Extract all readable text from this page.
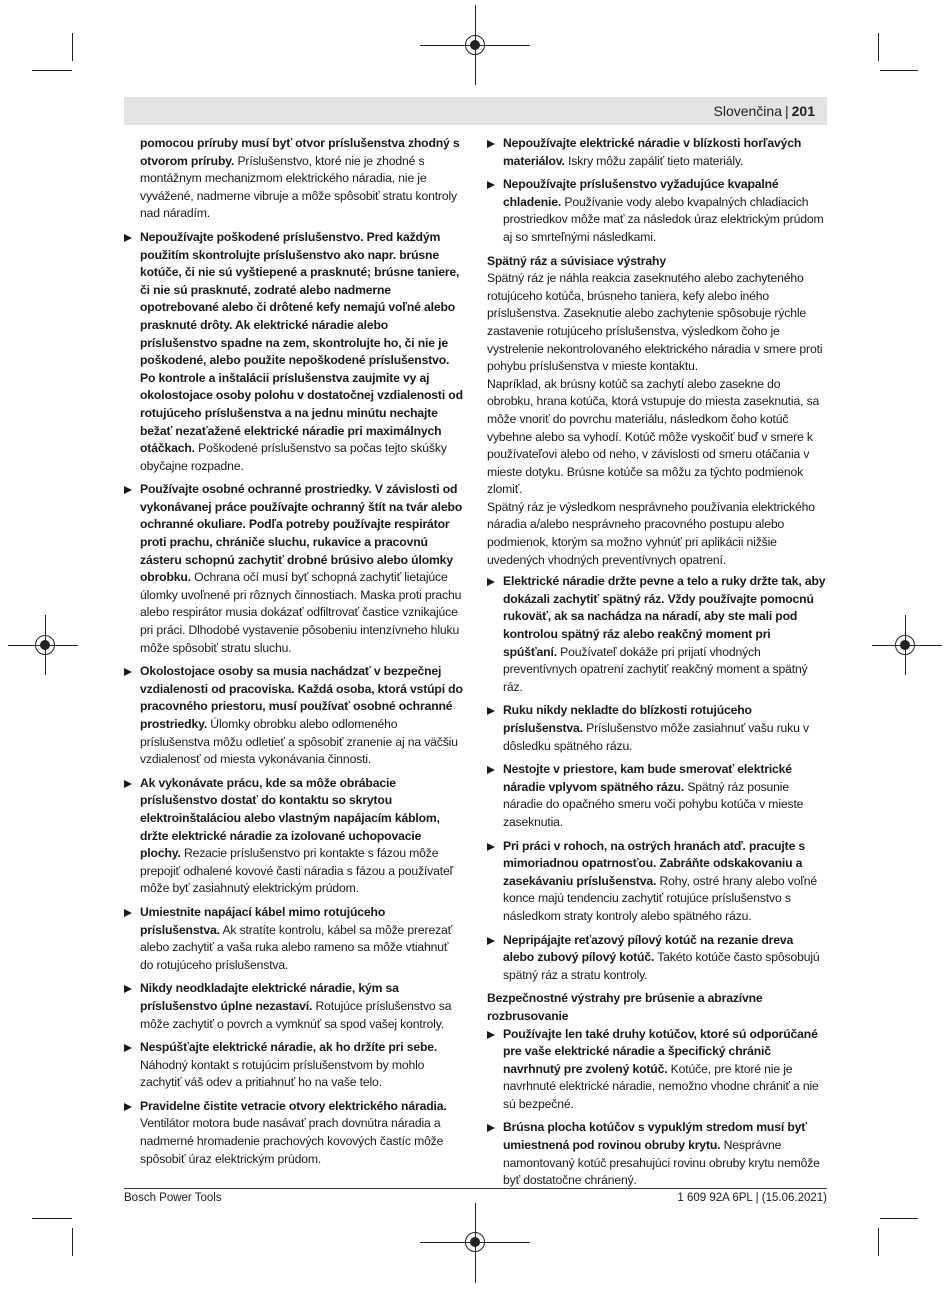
Slovenčina | 201
pomocou príruby musí byť otvor príslušenstva zhodný s otvorom príruby. Príslušenstvo, ktoré nie je zhodné s montážnym mechanizmom elektrického náradia, nie je vyvážené, nadmerne vibruje a môže spôsobiť stratu kontroly nad náradím.
Nepoužívajte poškodené príslušenstvo. Pred každým použitím skontrolujte príslušenstvo ako napr. brúsne kotúče, či nie sú vyštiepené a prasknuté; brúsne taniere, či nie sú prasknuté, zodraté alebo nadmerne opotrebované alebo či drôtené kefy nemajú voľné alebo prasknuté drôty. Ak elektrické náradie alebo príslušenstvo spadne na zem, skontrolujte ho, či nie je poškodené, alebo použite nepoškodené príslušenstvo. Po kontrole a inštalácii príslušenstva zaujmite vy aj okolostojace osoby polohu v dostatočnej vzdialenosti od rotujúceho príslušenstva a na jednu minútu nechajte bežať nezaťažené elektrické náradie pri maximálnych otáčkach. Poškodené príslušenstvo sa počas tejto skúšky obyčajne rozpadne.
Používajte osobné ochranné prostriedky. V závislosti od vykonávanej práce používajte ochranný štít na tvár alebo ochranné okuliare. Podľa potreby používajte respirátor proti prachu, chrániče sluchu, rukavice a pracovnú zásteru schopnú zachytiť drobné brúsivo alebo úlomky obrobku. Ochrana očí musí byť schopná zachytiť lietajúce úlomky uvoľnené pri rôznych činnostiach. Maska proti prachu alebo respirátor musia dokázať odfiltrovať častice vznikajúce pri práci. Dlhodobé vystavenie pôsobeniu intenzívneho hluku môže spôsobiť stratu sluchu.
Okolostojace osoby sa musia nachádzať v bezpečnej vzdialenosti od pracoviska. Každá osoba, ktorá vstúpi do pracovného priestoru, musí používať osobné ochranné prostriedky. Úlomky obrobku alebo odlomeného príslušenstva môžu odletieť a spôsobiť zranenie aj na väčšiu vzdialenosť od miesta vykonávania činnosti.
Ak vykonávate prácu, kde sa môže obrábacie príslušenstvo dostať do kontaktu so skrytou elektroinštaláciou alebo vlastným napájacím káblom, držte elektrické náradie za izolované uchopovacie plochy. Rezacie príslušenstvo pri kontakte s fázou môže prepojiť odhalené kovové časti náradia s fázou a používateľ môže byť zasiahnutý elektrickým prúdom.
Umiestnite napájací kábel mimo rotujúceho príslušenstva. Ak stratíte kontrolu, kábel sa môže prerezať alebo zachytiť a vaša ruka alebo rameno sa môže vtiahnuť do rotujúceho príslušenstva.
Nikdy neodkladajte elektrické náradie, kým sa príslušenstvo úplne nezastaví. Rotujúce príslušenstvo sa môže zachytiť o povrch a vymknúť sa spod vašej kontroly.
Nespúšťajte elektrické náradie, ak ho držíte pri sebe. Náhodný kontakt s rotujúcim príslušenstvom by mohlo zachytiť váš odev a pritiahnuť ho na vaše telo.
Pravidelne čistite vetracie otvory elektrického náradia. Ventilátor motora bude nasávať prach dovnútra náradia a nadmerné hromadenie prachových kovových častíc môže spôsobiť úraz elektrickým prúdom.
Nepoužívajte elektrické náradie v blízkosti horľavých materiálov. Iskry môžu zapáliť tieto materiály.
Nepoužívajte príslušenstvo vyžadujúce kvapalné chladenie. Používanie vody alebo kvapalných chladiacich prostriedkov môže mať za následok úraz elektrickým prúdom aj so smrteľnými následkami.

Spätný ráz a súvisiace výstrahy

Spätný ráz je náhla reakcia zaseknutého alebo zachyteného rotujúceho kotúča, brúsneho taniera, kefy alebo iného príslušenstva. Zaseknutie alebo zachytenie spôsobuje rýchle zastavenie rotujúceho príslušenstva, výsledkom čoho je vystrelenie nekontrolovaného elektrického náradia v smere proti pohybu príslušenstva v mieste kontaktu.

Napríklad, ak brúsny kotúč sa zachytí alebo zasekne do obrobku, hrana kotúča, ktorá vstupuje do miesta zaseknutia, sa môže vnoriť do povrchu materiálu, následkom čoho kotúč vybehne alebo sa vyhodí. Kotúč môže vyskočiť buď v smere k používateľovi alebo od neho, v závislosti od smeru otáčania v mieste dotyku. Brúsne kotúče sa môžu za týchto podmienok zlomiť.

Spätný ráz je výsledkom nesprávneho používania elektrického náradia a/alebo nesprávneho pracovného postupu alebo podmienok, ktorým sa možno vyhnúť pri aplikácii nižšie uvedených vhodných preventívnych opatrení.

Elektrické náradie držte pevne a telo a ruky držte tak, aby dokázali zachytiť spätný ráz. Vždy používajte pomocnú rukoväť, ak sa nachádza na náradí, aby ste mali pod kontrolou spätný ráz alebo reakčný moment pri spúšťaní. Používateľ dokáže pri prijatí vhodných preventívnych opatrení zachytiť reakčný moment a spätný ráz.
Ruku nikdy nekladte do blízkosti rotujúceho príslušenstva. Príslušenstvo môže zasiahnuť vašu ruku v dôsledku spätného rázu.
Nestojte v priestore, kam bude smerovať elektrické náradie vplyvom spätného rázu. Spätný ráz posunie náradie do opačného smeru voči pohybu kotúča v mieste zaseknutia.
Pri práci v rohoch, na ostrých hranách atď. pracujte s mimoriadnou opatrnosťou. Zabráňte odskakovaniu a zasekávaniu príslušenstva. Rohy, ostré hrany alebo voľné konce majú tendenciu zachytiť rotujúce príslušenstvo s následkom straty kontroly alebo spätného rázu.
Nepripájajte reťazový pílový kotúč na rezanie dreva alebo zubový pílový kotúč. Takéto kotúče často spôsobujú spätný ráz a stratu kontroly.

Bezpečnostné výstrahy pre brúsenie a abrazívne rozbrusovanie

Používajte len také druhy kotúčov, ktoré sú odporúčané pre vaše elektrické náradie a špecifický chránič navrhnutý pre zvolený kotúč. Kotúče, pre ktoré nie je navrhnuté elektrické náradie, nemožno vhodne chrániť a nie sú bezpečné.
Brúsna plocha kotúčov s vypuklým stredom musí byť umiestnená pod rovinou obruby krytu. Nesprávne namontovaný kotúč presahujúci rovinu obruby krytu nemôže byť dostatočne chránený.
Bosch Power Tools	1 609 92A 6PL | (15.06.2021)
